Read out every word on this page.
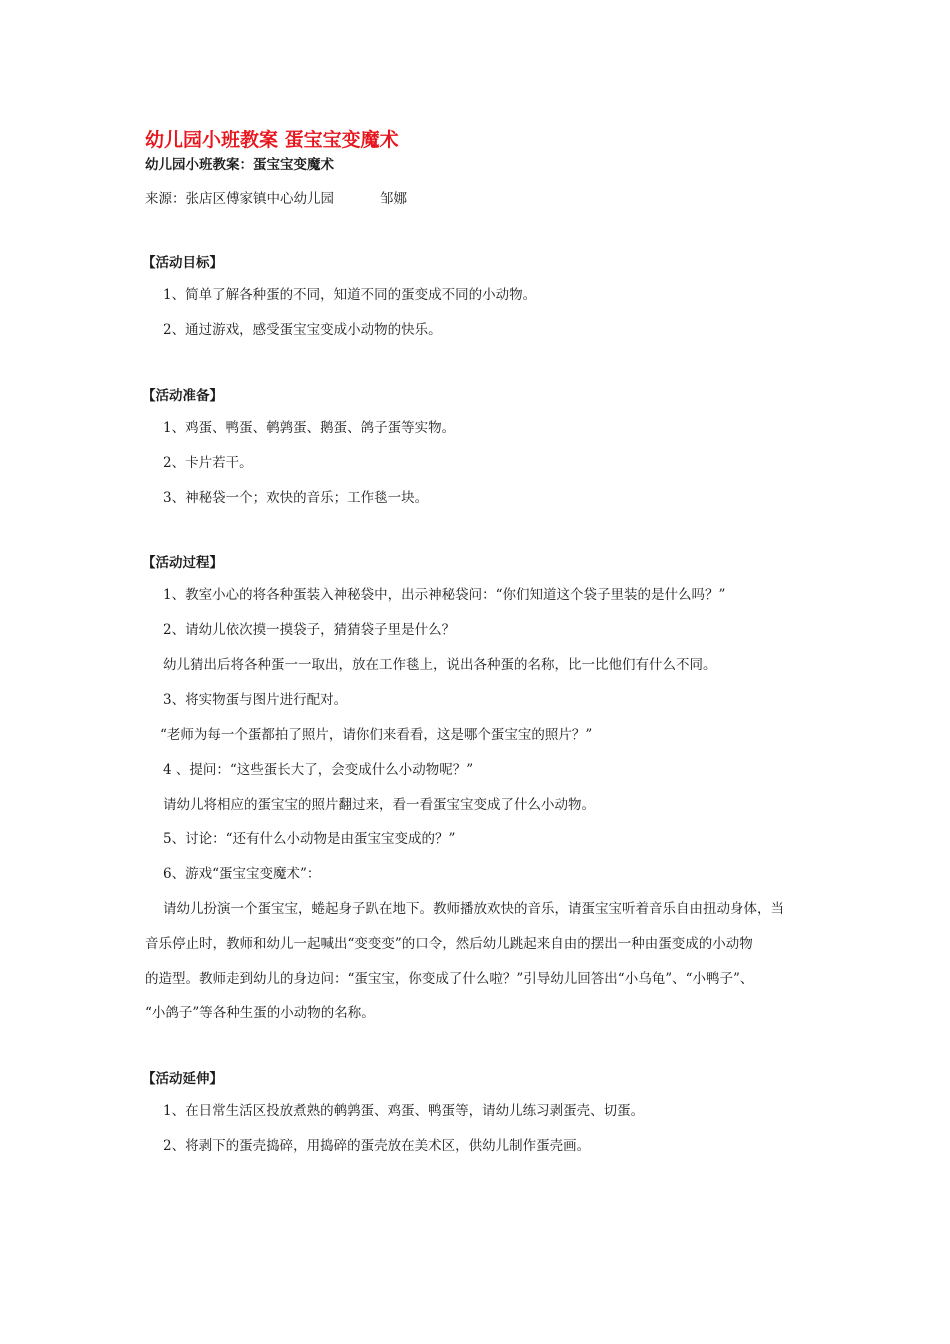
幼儿园小班教案 蛋宝宝变魔术
幼儿园小班教案：蛋宝宝变魔术
来源：张店区傅家镇中心幼儿园	邹娜
【活动目标】
1、简单了解各种蛋的不同，知道不同的蛋变成不同的小动物。
2、通过游戏，感受蛋宝宝变成小动物的快乐。
【活动准备】
1、鸡蛋、鸭蛋、鹌鹑蛋、鹅蛋、鸽子蛋等实物。
2、卡片若干。
3、神秘袋一个；欢快的音乐；工作毯一块。
【活动过程】
1、教室小心的将各种蛋装入神秘袋中，出示神秘袋问：“你们知道这个袋子里装的是什么吗？”
2、请幼儿依次摸一摸袋子，猜猜袋子里是什么？
幼儿猜出后将各种蛋一一取出，放在工作毯上，说出各种蛋的名称，比一比他们有什么不同。
3、将实物蛋与图片进行配对。
“老师为每一个蛋都拍了照片，请你们来看看，这是哪个蛋宝宝的照片？”
4 、提问：“这些蛋长大了，会变成什么小动物呢？”
请幼儿将相应的蛋宝宝的照片翻过来，看一看蛋宝宝变成了什么小动物。
5、讨论：“还有什么小动物是由蛋宝宝变成的？”
6、游戏“蛋宝宝变魔术”：
请幼儿扮演一个蛋宝宝，蜷起身子趴在地下。教师播放欢快的音乐，请蛋宝宝听着音乐自由扭动身体，当
音乐停止时，教师和幼儿一起喊出“变变变”的口令，然后幼儿跳起来自由的摆出一种由蛋变成的小动物
的造型。教师走到幼儿的身边问：“蛋宝宝，你变成了什么啦？”引导幼儿回答出“小乌龟”、“小鸭子”、
“小鸽子”等各种生蛋的小动物的名称。
【活动延伸】
1、在日常生活区投放煮熟的鹌鹑蛋、鸡蛋、鸭蛋等，请幼儿练习剥蛋壳、切蛋。
2、将剥下的蛋壳捣碎，用捣碎的蛋壳放在美术区，供幼儿制作蛋壳画。
